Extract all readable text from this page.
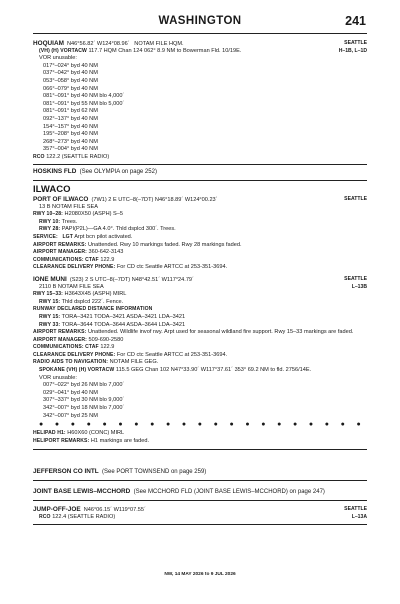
WASHINGTON	241
HOQUIAM N46°56.82´ W124°08.96´ NOTAM FILE HQM.	SEATTLE
(VH) (H) VORTACW 117.7 HQM Chan 124 062° 8.9 NM to Bowerman Fld. 10/19E.	H–1B, L–1D
VOR unusable:
017°–024° byd 40 NM
037°–042° byd 40 NM
053°–058° byd 40 NM
066°–079° byd 40 NM
081°–091° byd 40 NM blo 4,000´
081°–091° byd 55 NM blo 5,000´
081°–091° byd 62 NM
092°–137° byd 40 NM
154°–157° byd 40 NM
195°–208° byd 40 NM
268°–273° byd 40 NM
357°–004° byd 40 NM
RCO 122.2 (SEATTLE RADIO)
HOSKINS FLD (See OLYMPIA on page 252)
ILWACO
PORT OF ILWACO (7W1) 2 E UTC–8(–7DT) N46°18.89´ W124°00.23´	SEATTLE
13 B NOTAM FILE SEA
RWY 10–28: H2080X50 (ASPH) S–5
RWY 10: Trees.
RWY 28: PAPI(P2L)—GA 4.0°. Thld dsplcd 300´. Trees.
SERVICE: LGT Arpt bcn pilot activated.
AIRPORT REMARKS: Unattended. Rwy 10 markings faded. Rwy 28 markings faded.
AIRPORT MANAGER: 360-642-3143
COMMUNICATIONS: CTAF 122.9
CLEARANCE DELIVERY PHONE: For CD ctc Seattle ARTCC at 253-351-3694.
IONE MUNI (S23) 2 S UTC–8(–7DT) N48°42.51´ W117°24.79´	SEATTLE
2110 B NOTAM FILE SEA	L–13B
RWY 15–33: H3643X45 (ASPH) MIRL
RWY 15: Thld dsplcd 222´. Fence.
RUNWAY DECLARED DISTANCE INFORMATION
RWY 15: TORA–3421 TODA–3421 ASDA–3421 LDA–3421
RWY 33: TORA–3644 TODA–3644 ASDA–3644 LDA–3421
AIRPORT REMARKS: Unattended. Wildlife invof rwy. Arpt used for seasonal wildland fire support. Rwy 15–33 markings are faded.
AIRPORT MANAGER: 509-690-2580
COMMUNICATIONS: CTAF 122.9
CLEARANCE DELIVERY PHONE: For CD ctc Seattle ARTCC at 253-351-3694.
RADIO AIDS TO NAVIGATION: NOTAM FILE GEG.
SPOKANE (VH) (H) VORTACW 115.5 GEG Chan 102 N47°33.90´ W117°37.61´ 353° 69.2 NM to fld. 2756/14E.
VOR unusable:
007°–022° byd 26 NM blo 7,000´
029°–041° byd 40 NM
307°–337° byd 30 NM blo 9,000´
342°–007° byd 18 NM blo 7,000´
342°–007° byd 25 NM
● ● ● ● ● ● ● ● ● ● ● ● ● ● ● ● ● ● ● ● ●
HELIPAD H1: H60X60 (CONC) MIRL
HELIPORT REMARKS: H1 markings are faded.
JEFFERSON CO INTL (See PORT TOWNSEND on page 259)
JOINT BASE LEWIS–MCCHORD (See MCCHORD FLD (JOINT BASE LEWIS–MCCHORD) on page 247)
JUMP-OFF-JOE N46°06.15´ W119°07.55´	SEATTLE
RCO 122.4 (SEATTLE RADIO)	L–13A
NW, 14 MAY 2026 to 9 JUL 2026
